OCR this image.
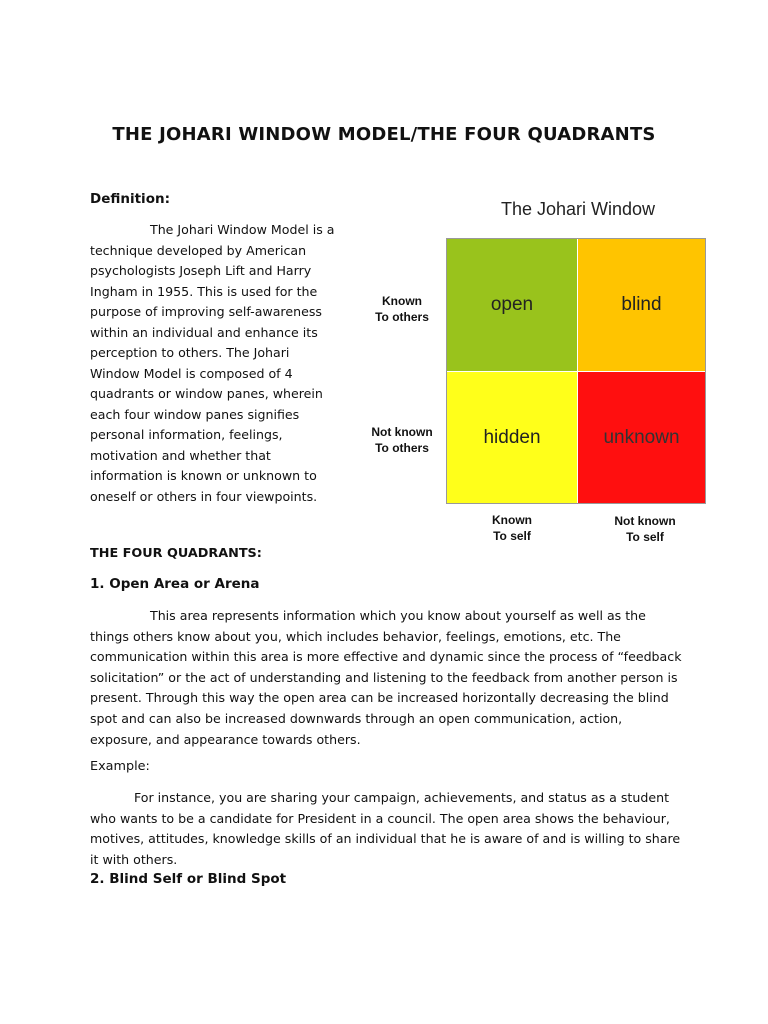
THE JOHARI WINDOW MODEL/THE FOUR QUADRANTS
Definition:

The Johari Window Model is a technique developed by American psychologists Joseph Lift and Harry Ingham in 1955. This is used for the purpose of improving self-awareness within an individual and enhance its perception to others. The Johari Window Model is composed of 4 quadrants or window panes, wherein each four window panes signifies personal information, feelings, motivation and whether that information is known or unknown to oneself or others in four viewpoints.

The Johari Window
open	blind
hidden	unknown
Known
To others
Not known
To others
Known
To self
Not known
To self
THE FOUR QUADRANTS:
1. Open Area or Arena

This area represents information which you know about yourself as well as the things others know about you, which includes behavior, feelings, emotions, etc. The communication within this area is more effective and dynamic since the process of “feedback solicitation” or the act of understanding and listening to the feedback from another person is present. Through this way the open area can be increased horizontally decreasing the blind spot and can also be increased downwards through an open communication, action, exposure, and appearance towards others.

Example:

For instance, you are sharing your campaign, achievements, and status as a student who wants to be a candidate for President in a council. The open area shows the behaviour, motives, attitudes, knowledge skills of an individual that he is aware of and is willing to share it with others.

2. Blind Self or Blind Spot
